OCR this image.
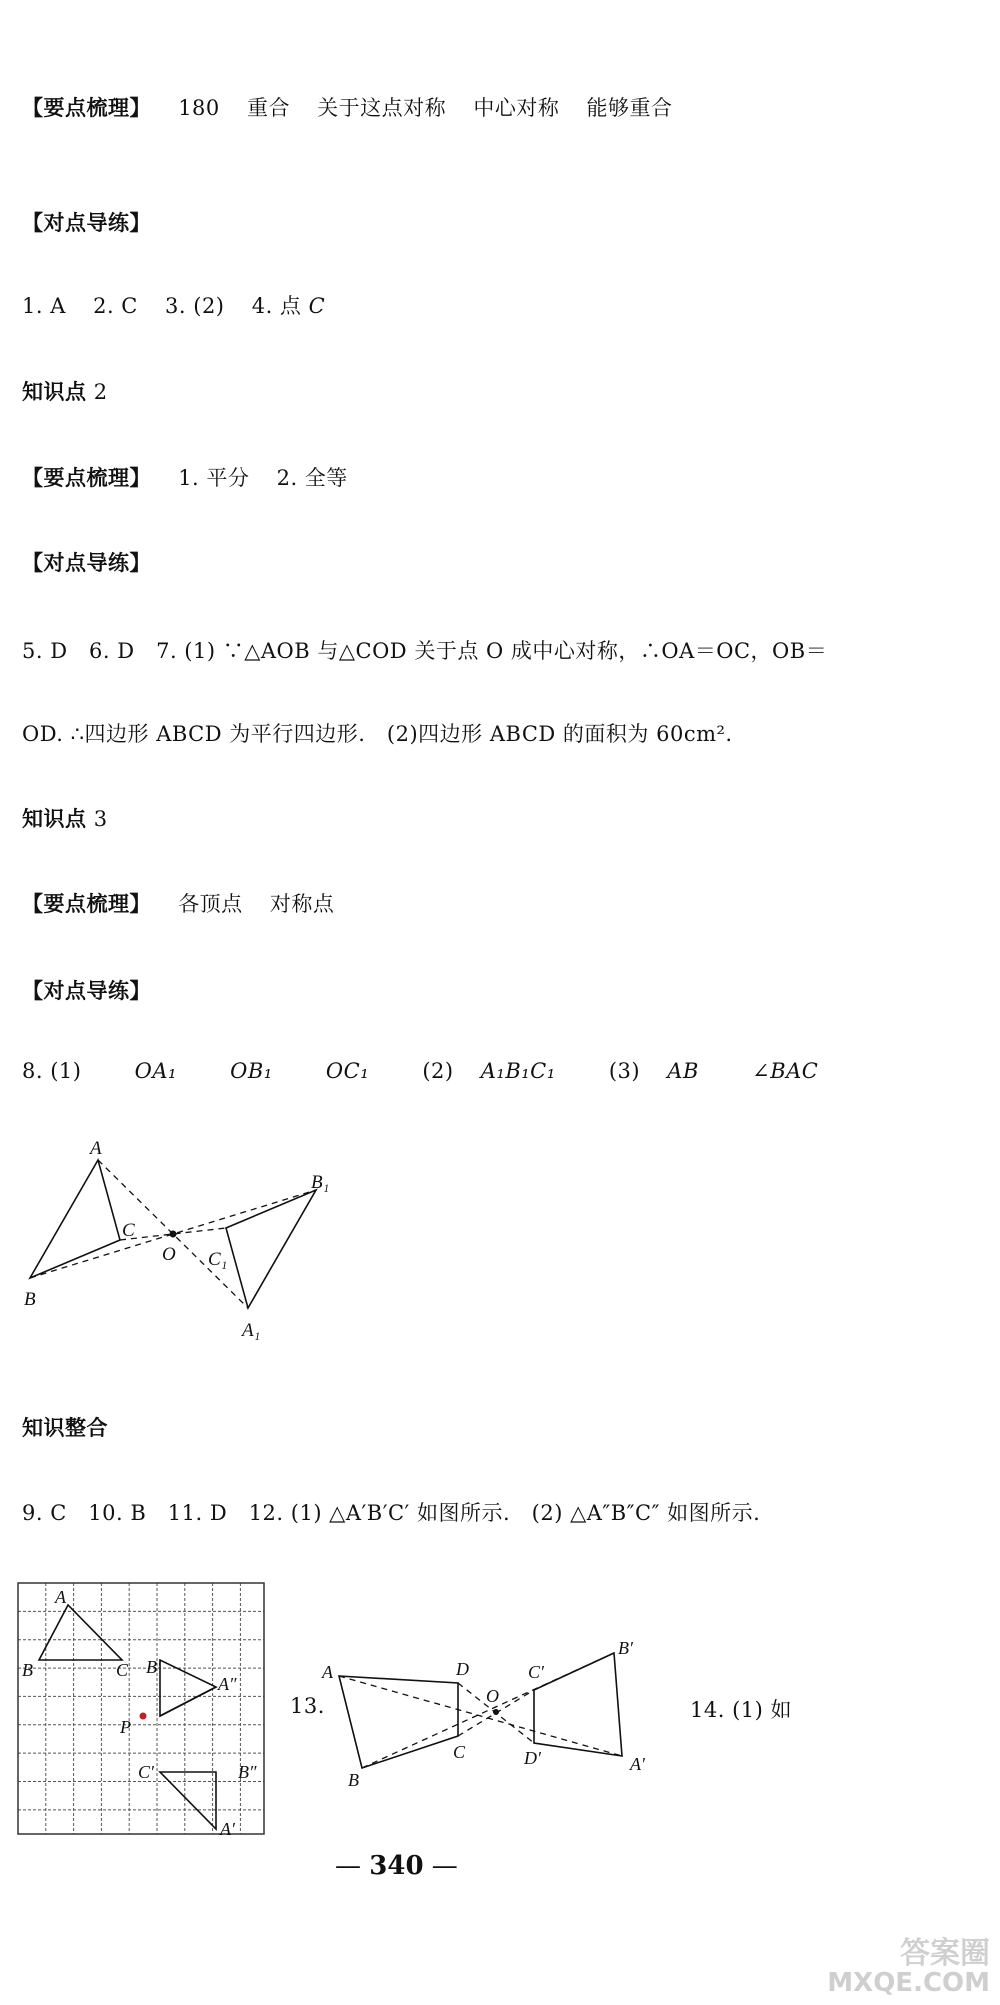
【要点梳理】 180 重合 关于这点对称 中心对称 能够重合
【对点导练】
1. A 2. C 3. (2) 4. 点 C
知识点 2
【要点梳理】 1. 平分 2. 全等
【对点导练】
5. D　6. D　7. (1) ∵△AOB 与△COD 关于点 O 成中心对称，∴OA＝OC，OB＝
OD. ∴四边形 ABCD 为平行四边形.　(2)四边形 ABCD 的面积为 60cm².
知识点 3
【要点梳理】 各顶点 对称点
【对点导练】
8. (1)	OA₁	OB₁	OC₁	(2) A₁B₁C₁	(3) AB	∠BAC
A
B
C
O
A₁
B₁
C₁
知识整合
9. C　10. B　11. D　12. (1) △A′B′C′ 如图所示.　(2) △A″B″C″ 如图所示.
A
B	C B′
A″
P
C′	B″
A′
13.
A
B
C
D
O
C′
B′
D′	A′
14. (1) 如
— 340 —
答案圈
MXQE.COM
